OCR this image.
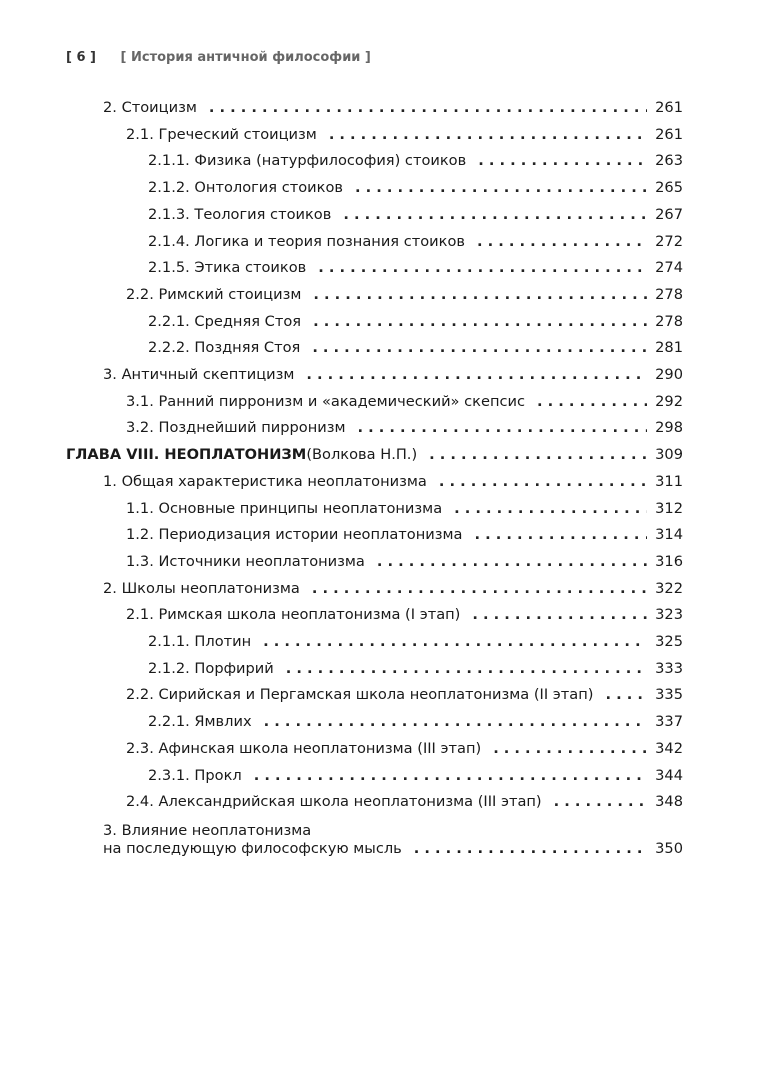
[ 6 ] [ История античной философии ]
2. Стоицизм . . .	261
2.1. Греческий стоицизм . . .	261
2.1.1. Физика (натурфилософия) стоиков . . .	263
2.1.2. Онтология стоиков . . .	265
2.1.3. Теология стоиков . . .	267
2.1.4. Логика и теория познания стоиков . . .	272
2.1.5. Этика стоиков . . .	274
2.2. Римский стоицизм . . .	278
2.2.1. Средняя Стоя . . .	278
2.2.2. Поздняя Стоя . . .	281
3. Античный скептицизм . . .	290
3.1. Ранний пирронизм и «академический» скепсис . . .	292
3.2. Позднейший пирронизм . . .	298
ГЛАВА VIII. НЕОПЛАТОНИЗМ (Волкова Н.П.) . . .	309
1. Общая характеристика неоплатонизма . . .	311
1.1. Основные принципы неоплатонизма . . .	312
1.2. Периодизация истории неоплатонизма . . .	314
1.3. Источники неоплатонизма . . .	316
2. Школы неоплатонизма . . .	322
2.1. Римская школа неоплатонизма (I этап) . . .	323
2.1.1. Плотин . . .	325
2.1.2. Порфирий . . .	333
2.2. Сирийская и Пергамская школа неоплатонизма (II этап) . . .	335
2.2.1. Ямвлих . . .	337
2.3. Афинская школа неоплатонизма (III этап) . . .	342
2.3.1. Прокл . . .	344
2.4. Александрийская школа неоплатонизма (III этап) . . .	348
3. Влияние неоплатонизма
на последующую философскую мысль . . .	350
